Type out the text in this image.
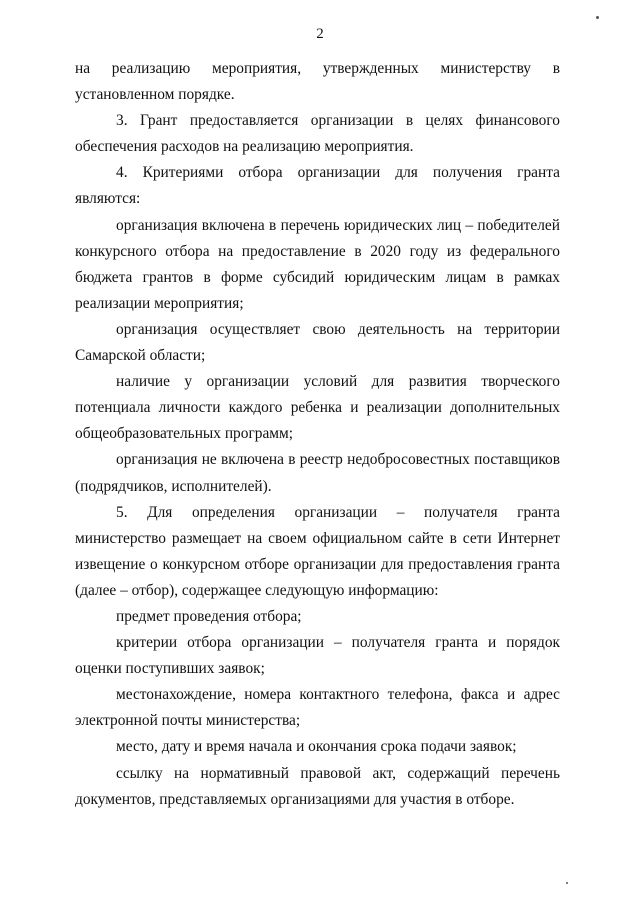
2

на реализацию мероприятия, утвержденных министерству в установленном порядке.

3. Грант предоставляется организации в целях финансового обеспечения расходов на реализацию мероприятия.

4. Критериями отбора организации для получения гранта являются:

организация включена в перечень юридических лиц – победителей конкурсного отбора на предоставление в 2020 году из федерального бюджета грантов в форме субсидий юридическим лицам в рамках реализации мероприятия;

организация осуществляет свою деятельность на территории Самарской области;

наличие у организации условий для развития творческого потенциала личности каждого ребенка и реализации дополнительных общеобразовательных программ;

организация не включена в реестр недобросовестных поставщиков (подрядчиков, исполнителей).

5. Для определения организации – получателя гранта министерство размещает на своем официальном сайте в сети Интернет извещение о конкурсном отборе организации для предоставления гранта (далее – отбор), содержащее следующую информацию:

предмет проведения отбора;

критерии отбора организации – получателя гранта и порядок оценки поступивших заявок;

местонахождение, номера контактного телефона, факса и адрес электронной почты министерства;

место, дату и время начала и окончания срока подачи заявок;

ссылку на нормативный правовой акт, содержащий перечень документов, представляемых организациями для участия в отборе.
